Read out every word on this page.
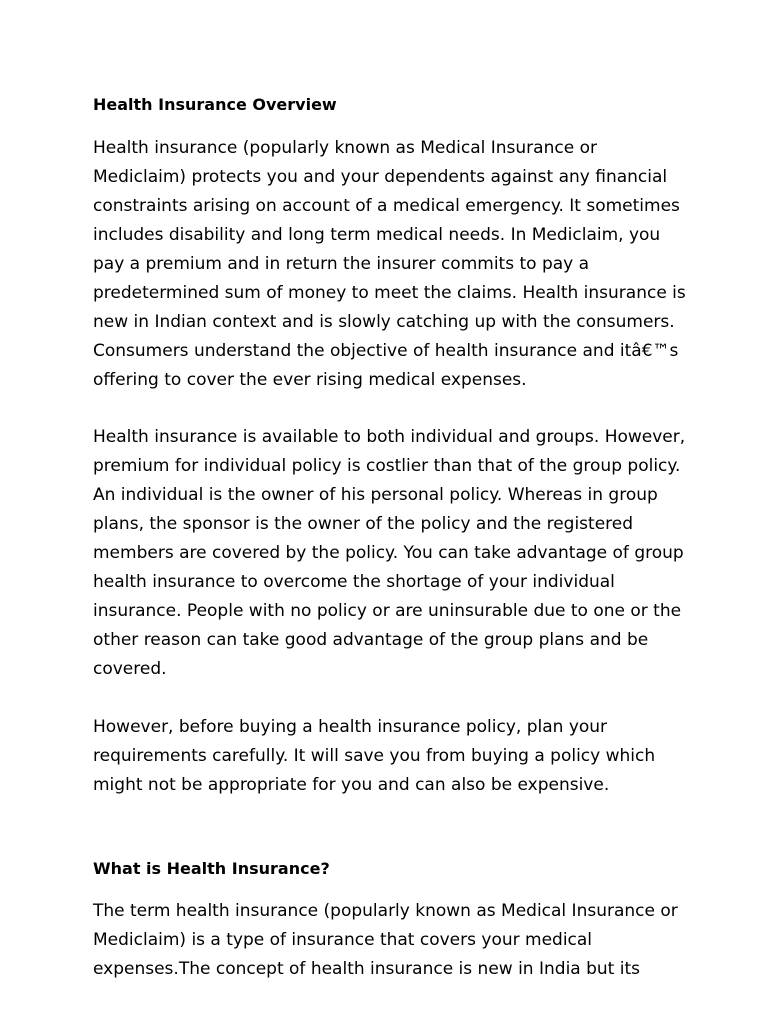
Health Insurance Overview
Health insurance (popularly known as Medical Insurance or
Mediclaim) protects you and your dependents against any financial
constraints arising on account of a medical emergency. It sometimes
includes disability and long term medical needs. In Mediclaim, you
pay a premium and in return the insurer commits to pay a
predetermined sum of money to meet the claims. Health insurance is
new in Indian context and is slowly catching up with the consumers.
Consumers understand the objective of health insurance and itâ€™s
offering to cover the ever rising medical expenses.
Health insurance is available to both individual and groups. However,
premium for individual policy is costlier than that of the group policy.
An individual is the owner of his personal policy. Whereas in group
plans, the sponsor is the owner of the policy and the registered
members are covered by the policy. You can take advantage of group
health insurance to overcome the shortage of your individual
insurance. People with no policy or are uninsurable due to one or the
other reason can take good advantage of the group plans and be
covered.
However, before buying a health insurance policy, plan your
requirements carefully. It will save you from buying a policy which
might not be appropriate for you and can also be expensive.
What is Health Insurance?
The term health insurance (popularly known as Medical Insurance or
Mediclaim) is a type of insurance that covers your medical
expenses.The concept of health insurance is new in India but its
